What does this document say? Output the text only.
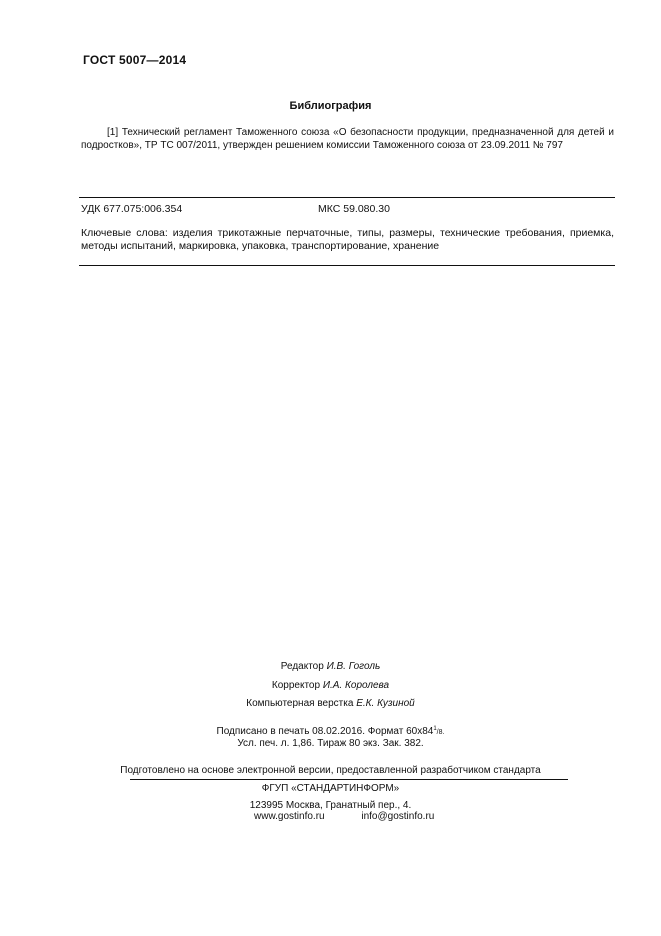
ГОСТ 5007—2014
Библиография
[1] Технический регламент Таможенного союза «О безопасности продукции, предназначенной для детей и подростков», ТР ТС 007/2011, утвержден решением комиссии Таможенного союза от 23.09.2011 № 797
УДК 677.075:006.354	МКС 59.080.30
Ключевые слова: изделия трикотажные перчаточные, типы, размеры, технические требования, приемка, методы испытаний, маркировка, упаковка, транспортирование, хранение
Редактор И.В. Гоголь
Корректор И.А. Королева
Компьютерная верстка Е.К. Кузиной
Подписано в печать 08.02.2016. Формат $60x84^1/8$.
Усл. печ. л. 1,86. Тираж 80 экз. Зак. 382.
Подготовлено на основе электронной версии, предоставленной разработчиком стандарта
ФГУП «СТАНДАРТИНФОРМ»
123995 Москва, Гранатный пер., 4.
www.gostinfo.ru	info@gostinfo.ru
